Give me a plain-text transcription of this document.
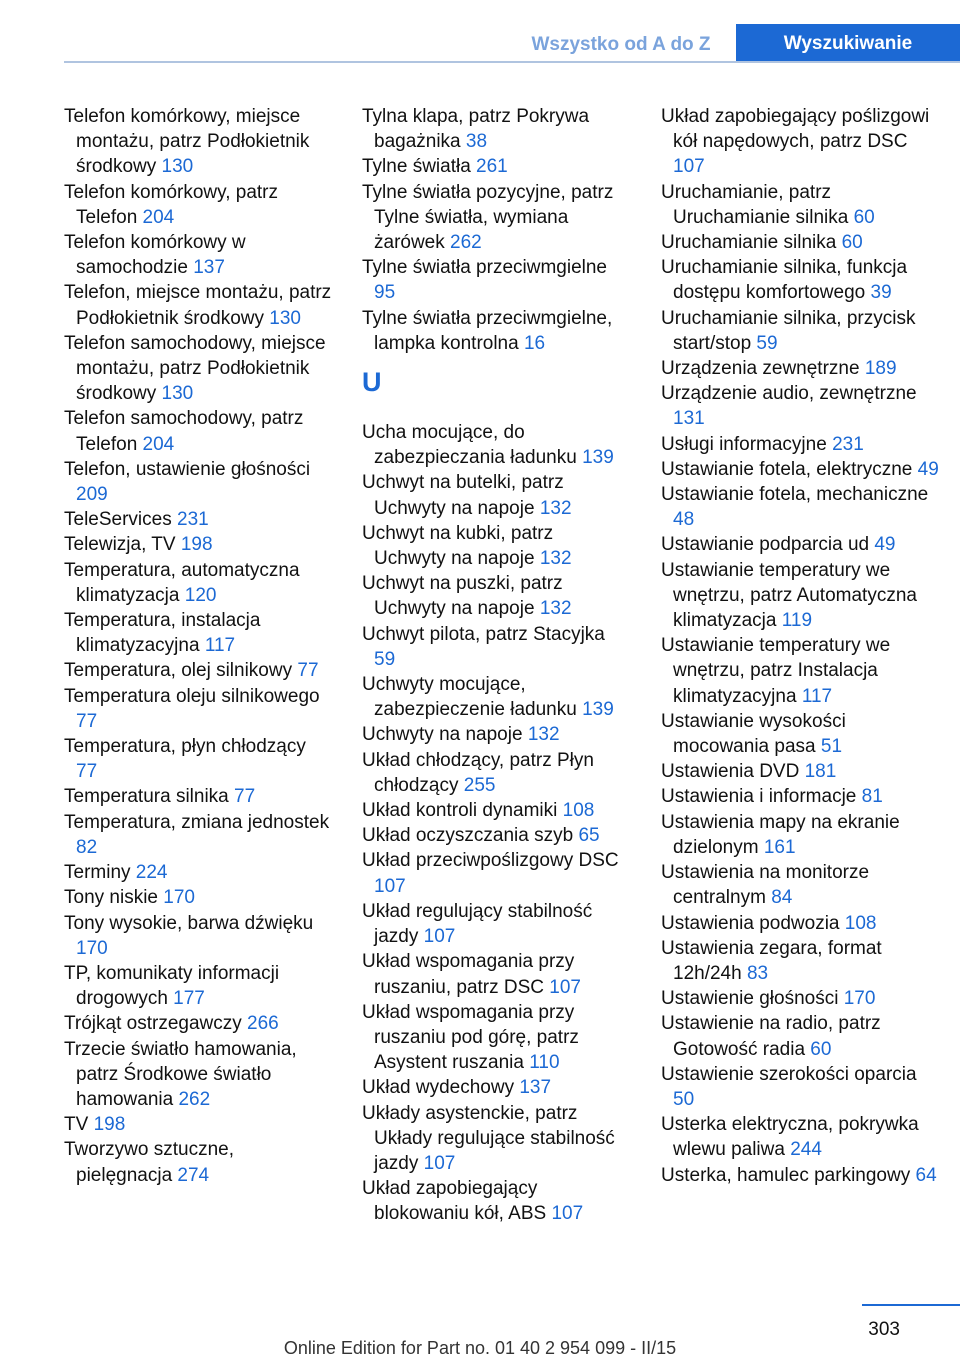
Wszystko od A do Z	Wyszukiwanie
Telefon komórkowy, miejsce montażu, patrz Podłokietnik środkowy 130
Telefon komórkowy, patrz Telefon 204
Telefon komórkowy w samochodzie 137
Telefon, miejsce montażu, patrz Podłokietnik środkowy 130
Telefon samochodowy, miejsce montażu, patrz Podłokietnik środkowy 130
Telefon samochodowy, patrz Telefon 204
Telefon, ustawienie głośności 209
TeleServices 231
Telewizja, TV 198
Temperatura, automatyczna klimatyzacja 120
Temperatura, instalacja klimatyzacyjna 117
Temperatura, olej silnikowy 77
Temperatura oleju silnikowego 77
Temperatura, płyn chłodzący 77
Temperatura silnika 77
Temperatura, zmiana jednostek 82
Terminy 224
Tony niskie 170
Tony wysokie, barwa dźwięku 170
TP, komunikaty informacji drogowych 177
Trójkąt ostrzegawczy 266
Trzecie światło hamowania, patrz Środkowe światło hamowania 262
TV 198
Tworzywo sztuczne, pielęgnacja 274
Tylna klapa, patrz Pokrywa bagażnika 38
Tylne światła 261
Tylne światła pozycyjne, patrz Tylne światła, wymiana żarówek 262
Tylne światła przeciwmgielne 95
Tylne światła przeciwmgielne, lampka kontrolna 16
U
Ucha mocujące, do zabezpieczania ładunku 139
Uchwyt na butelki, patrz Uchwyty na napoje 132
Uchwyt na kubki, patrz Uchwyty na napoje 132
Uchwyt na puszki, patrz Uchwyty na napoje 132
Uchwyt pilota, patrz Stacyjka 59
Uchwyty mocujące, zabezpieczenie ładunku 139
Uchwyty na napoje 132
Układ chłodzący, patrz Płyn chłodzący 255
Układ kontroli dynamiki 108
Układ oczyszczania szyb 65
Układ przeciwpoślizgowy DSC 107
Układ regulujący stabilność jazdy 107
Układ wspomagania przy ruszaniu, patrz DSC 107
Układ wspomagania przy ruszaniu pod górę, patrz Asystent ruszania 110
Układ wydechowy 137
Układy asystenckie, patrz Układy regulujące stabilność jazdy 107
Układ zapobiegający blokowaniu kół, ABS 107
Układ zapobiegający poślizgowi kół napędowych, patrz DSC 107
Uruchamianie, patrz Uruchamianie silnika 60
Uruchamianie silnika 60
Uruchamianie silnika, funkcja dostępu komfortowego 39
Uruchamianie silnika, przycisk start/stop 59
Urządzenia zewnętrzne 189
Urządzenie audio, zewnętrzne 131
Usługi informacyjne 231
Ustawianie fotela, elektryczne 49
Ustawianie fotela, mechaniczne 48
Ustawianie podparcia ud 49
Ustawianie temperatury we wnętrzu, patrz Automatyczna klimatyzacja 119
Ustawianie temperatury we wnętrzu, patrz Instalacja klimatyzacyjna 117
Ustawianie wysokości mocowania pasa 51
Ustawienia DVD 181
Ustawienia i informacje 81
Ustawienia mapy na ekranie dzielonym 161
Ustawienia na monitorze centralnym 84
Ustawienia podwozia 108
Ustawienia zegara, format 12h/24h 83
Ustawienie głośności 170
Ustawienie na radio, patrz Gotowość radia 60
Ustawienie szerokości oparcia 50
Usterka elektryczna, pokrywka wlewu paliwa 244
Usterka, hamulec parkingowy 64
303
Online Edition for Part no. 01 40 2 954 099 - II/15
